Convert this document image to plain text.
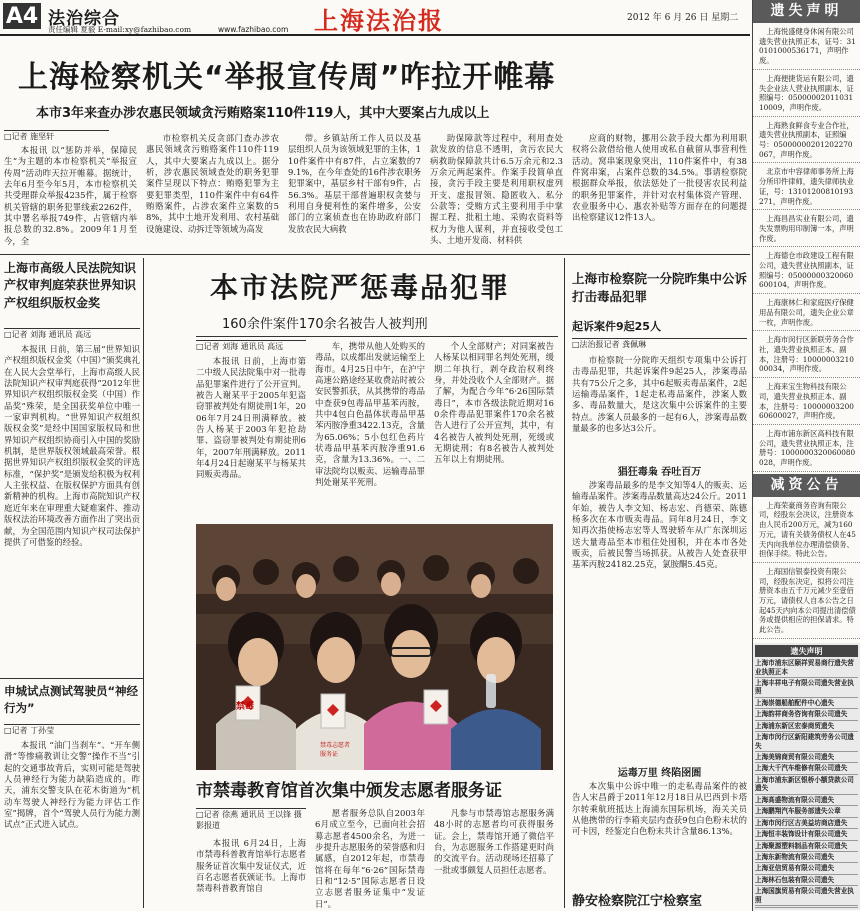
A4 法治综合
责任编辑 夏毅 E-mail:xy@fazhibao.com	www.fazhibao.com 上海法治报	2012 年 6 月 26 日 星期二
上海检察机关“举报宣传周”咋拉开帷幕
本市3年来查办涉农惠民领域贪污贿赂案110件119人，其中大要案占九成以上
□记者 施坚轩

本报讯 以“惩防并举，保障民生”为主题的本市检察机关“举报宣传周”活动昨天拉开帷幕。据统计，去年6月至今年5月，本市检察机关共受理群众举报4235件，属于检察机关管辖的职务犯罪线索2262件，其中署名举报749件，占管辖内举报总数的32.8%。2009年1月至今，全

市检察机关反贪部门查办涉农惠民领域贪污贿赂案件110件119人，其中大要案占九成以上。据分析，涉农惠民领域查处的职务犯罪案件呈现以下特点：贿赂犯罪为主要犯罪类型，110件案件中有64件贿赂案件，占涉农案件立案数的58%，其中土地开发利用、农村基础设施建设、动拆迁等领域为高发

带。乡镇站所工作人员以及基层组织人员为该领域犯罪的主体，110件案件中有87件，占立案数的79.1%，在今年查处的16件涉农职务犯罪案中，基层乡村干部有9件，占56.3%。基层干部普遍职权贪婪与利用自身便利性的案件增多，公安部门的立案侦查也在协助政府部门发放农民大病救

助保障款等过程中，利用查处款发放的信息不透明，贪污农民大病救助保障款共计6.5万余元和2.3万余元两起案件。作案手段简单直接，贪污手段主要是利用职权虚列开支、虚报冒领、隐匿收入、私分公款等；受贿方式主要利用手中掌握工程、批租土地、采购农资料等权力为他人谋利，并直接收受包工头、土地开发商、材料供

应商的财物，挪用公款手段大都为利用职权将公款借给他人使用或私自截留从事营利性活动。窝串案现象突出，110件案件中，有38件窝串案，占案件总数的34.5%。事请检察院根据群众举报，依法惩处了一批侵害农民利益的职务犯罪案件，并针对农村集体资产管理、农业服务中心、惠农补贴等方面存在的问题提出检察建议12件13人。

上海市高级人民法院知识产权审判庭荣获世界知识产权组织版权金奖
□记者 刘海 通讯员 高远

本报讯 日前，第三届“世界知识产权组织版权金奖（中国）”颁奖典礼在人民大会堂举行，上海市高级人民法院知识产权审判庭获得“2012年世界知识产权组织版权金奖（中国）作品奖”殊荣，是全国获奖单位中唯一一家审判机构。“世界知识产权组织版权金奖”是经中国国家版权局和世界知识产权组织协商引入中国的奖励机制，是世界版权领域最高荣誉。根据世界知识产权组织版权金奖的评选标准，“保护奖”是颁发给积极为权利人主张权益、在版权保护方面具有创新精神的机构。上海市高院知识产权庭近年来在审理重大疑难案件、推动版权法治环境改善方面作出了突出贡献，为全国范围内知识产权司法保护提供了可借鉴的经验。

申城试点测试驾驶员“神经行为”
□记者 丁孙莹

本报讯 “油门当刹车”、“开车侧滑”等惨痛教训让交警“操作不当”引起的交通事故背后，实则可能是驾驶人员神经行为能力缺陷造成的。昨天，浦东交警支队在花木街道为“机动车驾驶人神经行为能力评估工作室”揭牌，首个“驾驶人员行为能力测试点”正式进入试点。

本市法院严惩毒品犯罪
160余件案件170余名被告人被判刑
□记者 刘海 通讯员 高远

本报讯 日前，上海市第二中级人民法院集中对一批毒品犯罪案件进行了公开宣判。被告人谢某平于2005年犯盗窃罪被判处有期徒刑1年，2006年7月24日刑满释放。被告人杨某于2003年犯抢劫罪、盗窃罪被判处有期徒刑6年，2007年刑满释放。2011年4月24日起谢某平与杨某共同贩卖毒品。

车，携带从他人处购买的毒品，以成都出发就运输至上海市。4月25日中午，在沪宁高速公路途经某收费站时被公安民警抓获，从其携带的毒品中查获9包毒品甲基苯丙胺，共中4包白色晶体状毒品甲基苯丙胺净重3422.13克，含量为65.06%；5小包红色药片状毒品甲基苯丙胺净重91.6克，含量为13.36%。一、二审法院均以贩卖、运输毒品罪判处谢某平死刑。

个人全部财产；对同案被告人杨某以相同罪名判处死刑，缓期二年执行，剥夺政治权利终身，并处没收个人全部财产。据了解，为配合今年“6·26国际禁毒日”，本市各级法院近期对160余件毒品犯罪案件170余名被告人进行了公开宣判，其中，有4名被告人被判处死刑，死缓或无期徒刑；有8名被告人被判处五年以上有期徒刑。

禁毒
禁毒志愿者 服务证
市禁毒教育馆首次集中颁发志愿者服务证
□记者 徐燕 通讯员 王以锋 摄影报道

本报讯 6月24日，上海市禁毒科普教育馆举行志愿者服务证首次集中发证仪式，近百名志愿者获颁证书。上海市禁毒科普教育馆自

愿者服务总队自2003年6月成立至今，已面向社会招募志愿者4500余名，为进一步提升志愿服务的荣誉感和归属感，自2012年起，市禁毒馆将在每年“6·26”国际禁毒日和“12·5”国际志愿者日设立志愿者服务证集中“发证日”。

凡参与市禁毒馆志愿服务满48小时的志愿者均可获得服务证。会上，禁毒馆开通了微信平台，为志愿服务工作搭建更时尚的交流平台。活动现场还招募了一批或事颇复人员担任志愿者。

上海市检察院一分院昨集中公诉打击毒品犯罪
起诉案件9起25人
□法治报记者 龚佩琳

市检察院一分院昨天组织专项集中公诉打击毒品犯罪，共起诉案件9起25人，涉案毒品共有75公斤之多，其中6起贩卖毒品案件，2起运输毒品案件，1起走私毒品案件，涉案人数多、毒品数量大，是这次集中公诉案件的主要特点。涉案人员最多的一起有6人，涉案毒品数量最多的也多达3公斤。

猖狂毒枭 吞吐百万

涉案毒品最多的是李文知等4人的贩卖、运输毒品案件。涉案毒品数量高达24公斤。2011年始，被告人李文知、杨志宏、肖德荣、陈德杨多次在本市贩卖毒品。同年8月24日，李文知再次指使杨志宏等人驾驶轿车从广东深圳运送大量毒品至本市租住处囤积，并在本市各处贩卖，后被民警当场抓获。从被告人处查获甲基苯丙胺24182.25克，氯胺酮5.45克。

运毒万里 终陷囹圄

本次集中公诉中唯一的走私毒品案件的被告人宋昌爵于2011年12月18日从巴西到卡塔尔转乘航班抵达上海浦东国际机场，海关关员从他携带的行李箱夹层内查获9包白色粉末状的可卡因，经鉴定白色粉末共计含量86.13%。

静安检察院江宁检察室
遗失声明
上海悦盛健身休闲有限公司遗失营业执照正本，证号：310101000536171，声明作废。
上海便捷货运有限公司，遗失企业法人营业执照副本，证照编号：0500000201103110009，声明作废。
上海熟食鲜食专业合作社，遗失营业执照副本，证照编号：05000000201202270067，声明作废。
北京市中容律师事务所上海分所印件律师，遗失律师执业证，号：13101200810193271，声明作废。
上海昌昌实业有限公司，遗失发票购用印制簿一本，声明作废。
上海德仓市政建设工程有限公司，遗失营业执照副本，证照编号：05000000320060600104，声明作废。
上海康林仁和家庭医疗保健用品有限公司，遗失企业公章一枚，声明作废。
上海市闵行区新联劳务合作社，遗失营业执照正本、副本，注册号：1000000321000034，声明作废。
上海来宝生物科技有限公司，遗失营业执照正本、副本，注册号：1000000320060600027，声明作废。
上海市浦东新区高科技有限公司，遗失营业执照正本，注册号：1000000320060080028，声明作废。
减资公告
上海荣豪商务咨询有限公司，经股东会决议，注册资本由人民币200万元，减为160万元，请有关债务债权人在45天内向我单位办理清偿债务、担保手续。特此公告。
上海国信银泰投资有限公司，经股东决定，拟将公司注册资本由五千万元减少至壹佰万元，请债权人自本公告之日起45天内向本公司提出清偿债务或提供相应的担保请求。特此公告。
遗失声明
上海市浦东区颐祥贸易商行遗失营业执照正本
上海丰祥电子有限公司遗失营业执照
上海崇德船舶配件中心遗失
上海韵祥商务咨询有限公司遗失
上海浦东新区宏泰商贸遗失
上海市闵行区新阳建筑劳务公司遗失
上海美锦商贸有限公司遗失
上海大千汽车维修有限公司遗失
上海市浦东新区银桥小额贷款公司遗失
上海高盛物流有限公司遗失
上海鹏翔汽车服务部遗失公章
上海市闵行区古美益坊商店遗失
上海恒丰装饰设计有限公司遗失
上海聚源塑料制品有限公司遗失
上海东新物流有限公司遗失
上海亚信贸易有限公司遗失
上海林石包装有限公司遗失
上海国旗贸易有限公司遗失营业执照
